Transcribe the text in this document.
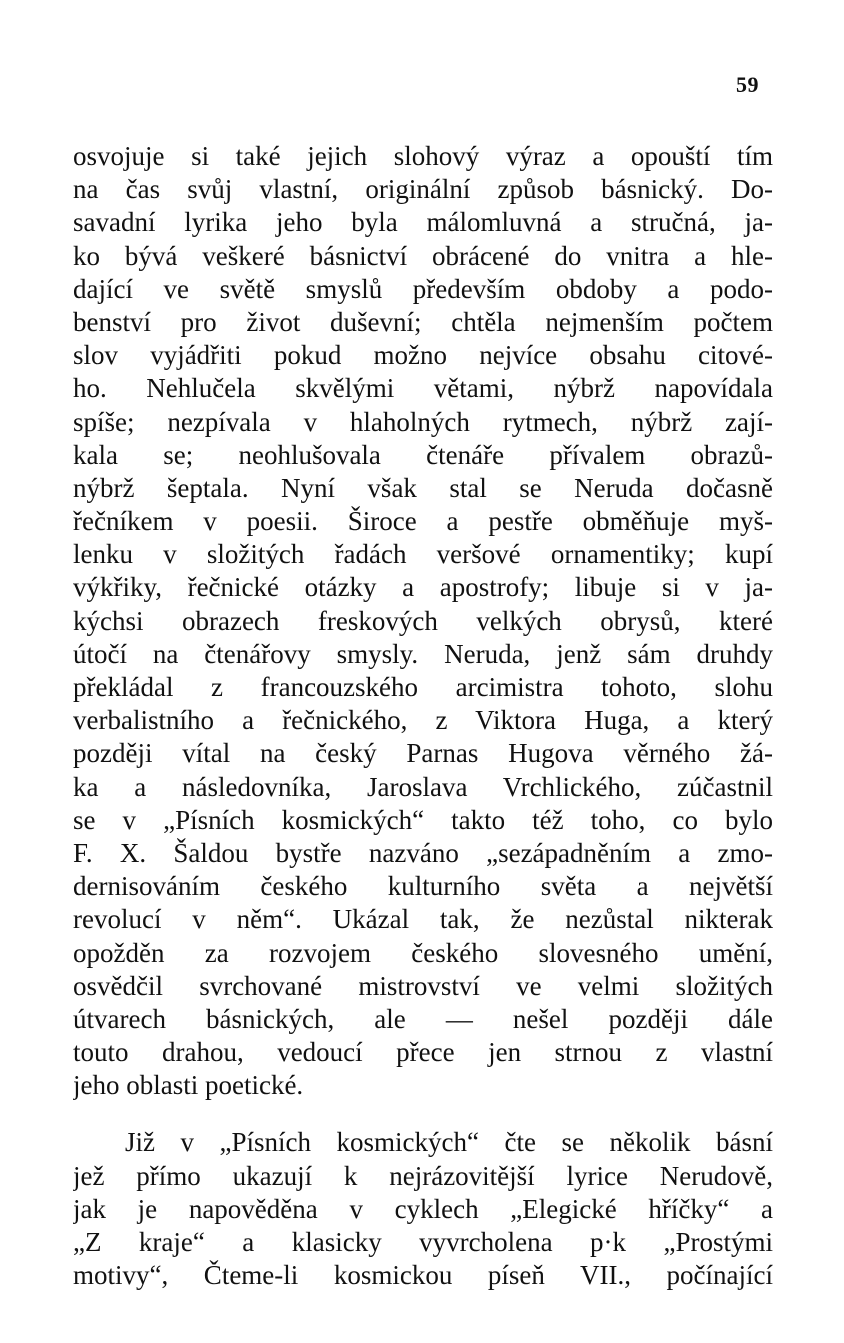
59
osvojuje si také jejich slohový výraz a opouští tím
na čas svůj vlastní, originální způsob básnický. Do-
savadní lyrika jeho byla málomluvná a stručná, ja-
ko bývá veškeré básnictví obrácené do vnitra a hle-
dající ve světě smyslů především obdoby a podo-
benství pro život duševní; chtěla nejmenším počtem
slov vyjádřiti pokud možno nejvíce obsahu citové-
ho. Nehlučela skvělými větami, nýbrž napovídala
spíše; nezpívala v hlaholných rytmech, nýbrž zají-
kala se; neohlušovala čtenáře přívalem obrazů-
nýbrž šeptala. Nyní však stal se Neruda dočasně
řečníkem v poesii. Široce a pestře obměňuje myš-
lenku v složitých řadách veršové ornamentiky; kupí
výkřiky, řečnické otázky a apostrofy; libuje si v ja-
kýchsi obrazech freskových velkých obrysů, které
útočí na čtenářovy smysly. Neruda, jenž sám druhdy
překládal z francouzského arcimistra tohoto, slohu
verbalistního a řečnického, z Viktora Huga, a který
později vítal na český Parnas Hugova věrného žá-
ka a následovníka, Jaroslava Vrchlického, zúčastnil
se v „Písních kosmických“ takto též toho, co bylo
F. X. Šaldou bystře nazváno „sezápadněním a zmo-
dernisováním českého kulturního světa a největší
revolucí v něm“. Ukázal tak, že nezůstal nikterak
opožděn za rozvojem českého slovesného umění,
osvědčil svrchované mistrovství ve velmi složitých
útvarech básnických, ale — nešel později dále
touto drahou, vedoucí přece jen strnou z vlastní
jeho oblasti poetické.
Již v „Písních kosmických“ čte se několik básní
jež přímo ukazují k nejrázovitější lyrice Nerudově,
jak je napověděna v cyklech „Elegické hříčky“ a
„Z kraje“ a klasicky vyvrcholena p·k „Prostými
motivy“, Čteme-li kosmickou píseň VII., počínající
